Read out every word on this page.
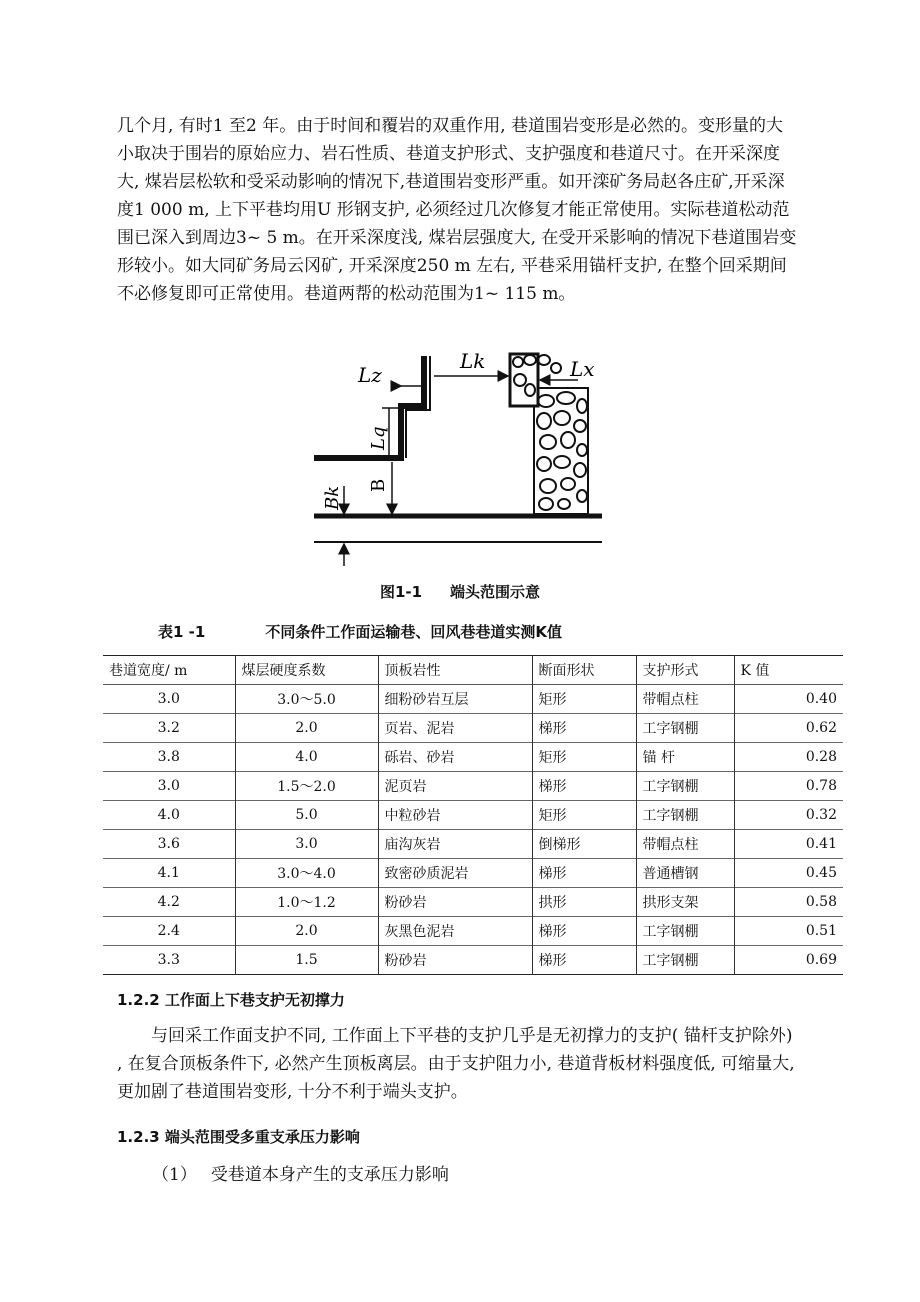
几个月, 有时1 至2 年。由于时间和覆岩的双重作用, 巷道围岩变形是必然的。变形量的大小取决于围岩的原始应力、岩石性质、巷道支护形式、支护强度和巷道尺寸。在开采深度大, 煤岩层松软和受采动影响的情况下,巷道围岩变形严重。如开滦矿务局赵各庄矿,开采深度1 000 m, 上下平巷均用U 形钢支护, 必须经过几次修复才能正常使用。实际巷道松动范围已深入到周边3~ 5 m。在开采深度浅, 煤岩层强度大, 在受开采影响的情况下巷道围岩变形较小。如大同矿务局云冈矿, 开采深度250 m 左右, 平巷采用锚杆支护, 在整个回采期间不必修复即可正常使用。巷道两帮的松动范围为1~ 115 m。

Lz
Lk	Lx
Lq
B
Bk
图1-1 端头范围示意
表1 -1	不同条件工作面运输巷、回风巷巷道实测K值
巷道宽度/ m	煤层硬度系数	顶板岩性	断面形状	支护形式	K 值
3.0	3.0～5.0	细粉砂岩互层	矩形	带帽点柱	0.40
3.2	2.0	页岩、泥岩	梯形	工字钢棚	0.62
3.8	4.0	砾岩、砂岩	矩形	锚 杆	0.28
3.0	1.5～2.0	泥页岩	梯形	工字钢棚	0.78
4.0	5.0	中粒砂岩	矩形	工字钢棚	0.32
3.6	3.0	庙沟灰岩	倒梯形	带帽点柱	0.41
4.1	3.0～4.0	致密砂质泥岩	梯形	普通槽钢	0.45
4.2	1.0～1.2	粉砂岩	拱形	拱形支架	0.58
2.4	2.0	灰黑色泥岩	梯形	工字钢棚	0.51
3.3	1.5	粉砂岩	梯形	工字钢棚	0.69
1.2.2 工作面上下巷支护无初撑力

与回采工作面支护不同, 工作面上下平巷的支护几乎是无初撑力的支护( 锚杆支护除外) , 在复合顶板条件下, 必然产生顶板离层。由于支护阻力小, 巷道背板材料强度低, 可缩量大, 更加剧了巷道围岩变形, 十分不利于端头支护。

1.2.3 端头范围受多重支承压力影响
（1） 受巷道本身产生的支承压力影响
